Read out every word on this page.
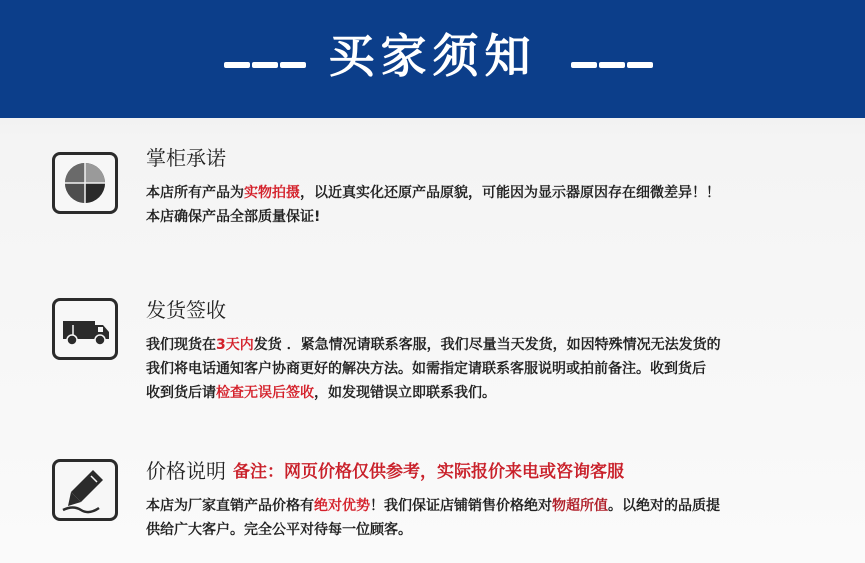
买家须知
掌柜承诺
本店所有产品为实物拍摄，以近真实化还原产品原貌，可能因为显示器原因存在细微差异！！
本店确保产品全部质量保证!
发货签收
我们现货在3天内发货 ．紧急情况请联系客服，我们尽量当天发货，如因特殊情况无法发货的
我们将电话通知客户协商更好的解决方法。如需指定请联系客服说明或拍前备注。收到货后
收到货后请检查无误后签收，如发现错误立即联系我们。
价格说明 备注：网页价格仅供参考，实际报价来电或咨询客服
本店为厂家直销产品价格有绝对优势！我们保证店铺销售价格绝对物超所值。以绝对的品质提
供给广大客户。完全公平对待每一位顾客。
